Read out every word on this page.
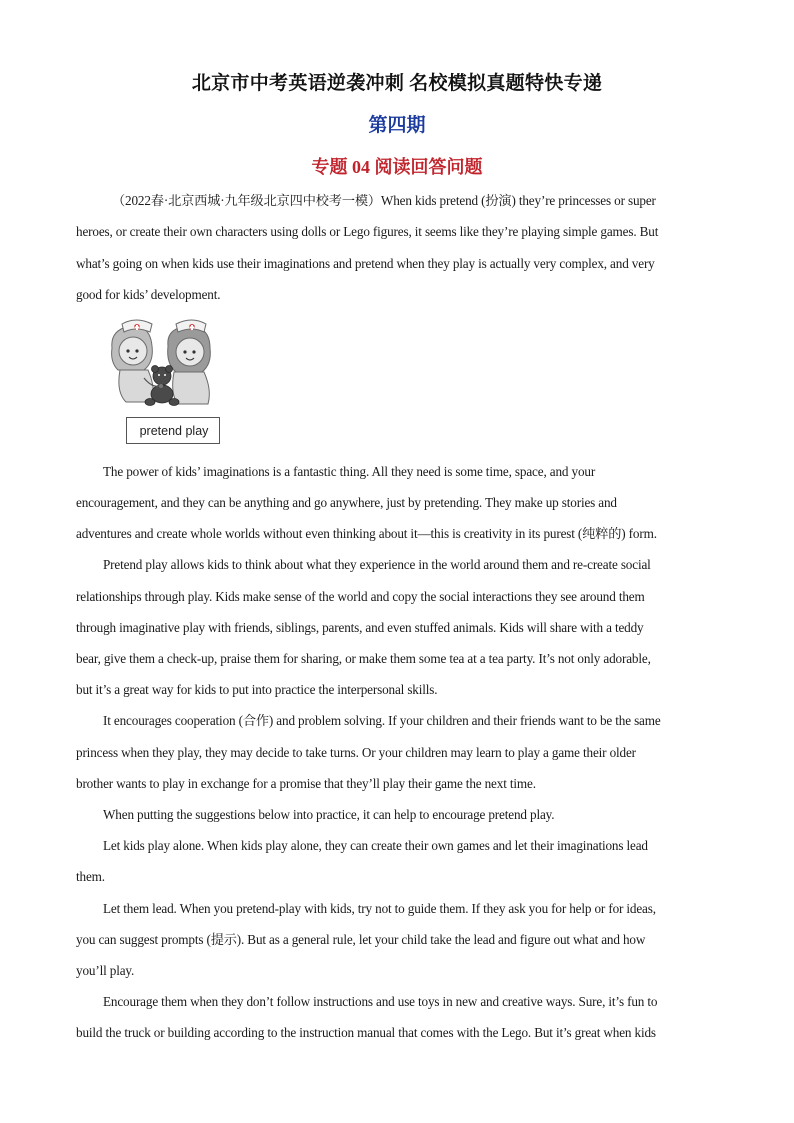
北京市中考英语逆袭冲刺 名校模拟真题特快专递
第四期
专题 04 阅读回答问题
（2022春·北京西城·九年级北京四中校考一模）When kids pretend (扮演) they’re princesses or super
heroes, or create their own characters using dolls or Lego figures, it seems like they’re playing simple games. But
what’s going on when kids use their imaginations and pretend when they play is actually very complex, and very
good for kids’ development.
pretend play
The power of kids’ imaginations is a fantastic thing. All they need is some time, space, and your
encouragement, and they can be anything and go anywhere, just by pretending. They make up stories and
adventures and create whole worlds without even thinking about it—this is creativity in its purest (纯粹的) form.
Pretend play allows kids to think about what they experience in the world around them and re-create social
relationships through play. Kids make sense of the world and copy the social interactions they see around them
through imaginative play with friends, siblings, parents, and even stuffed animals. Kids will share with a teddy
bear, give them a check-up, praise them for sharing, or make them some tea at a tea party. It’s not only adorable,
but it’s a great way for kids to put into practice the interpersonal skills.
It encourages cooperation (合作) and problem solving. If your children and their friends want to be the same
princess when they play, they may decide to take turns. Or your children may learn to play a game their older
brother wants to play in exchange for a promise that they’ll play their game the next time.
When putting the suggestions below into practice, it can help to encourage pretend play.
Let kids play alone. When kids play alone, they can create their own games and let their imaginations lead
them.
Let them lead. When you pretend-play with kids, try not to guide them. If they ask you for help or for ideas,
you can suggest prompts (提示). But as a general rule, let your child take the lead and figure out what and how
you’ll play.
Encourage them when they don’t follow instructions and use toys in new and creative ways. Sure, it’s fun to
build the truck or building according to the instruction manual that comes with the Lego. But it’s great when kids
